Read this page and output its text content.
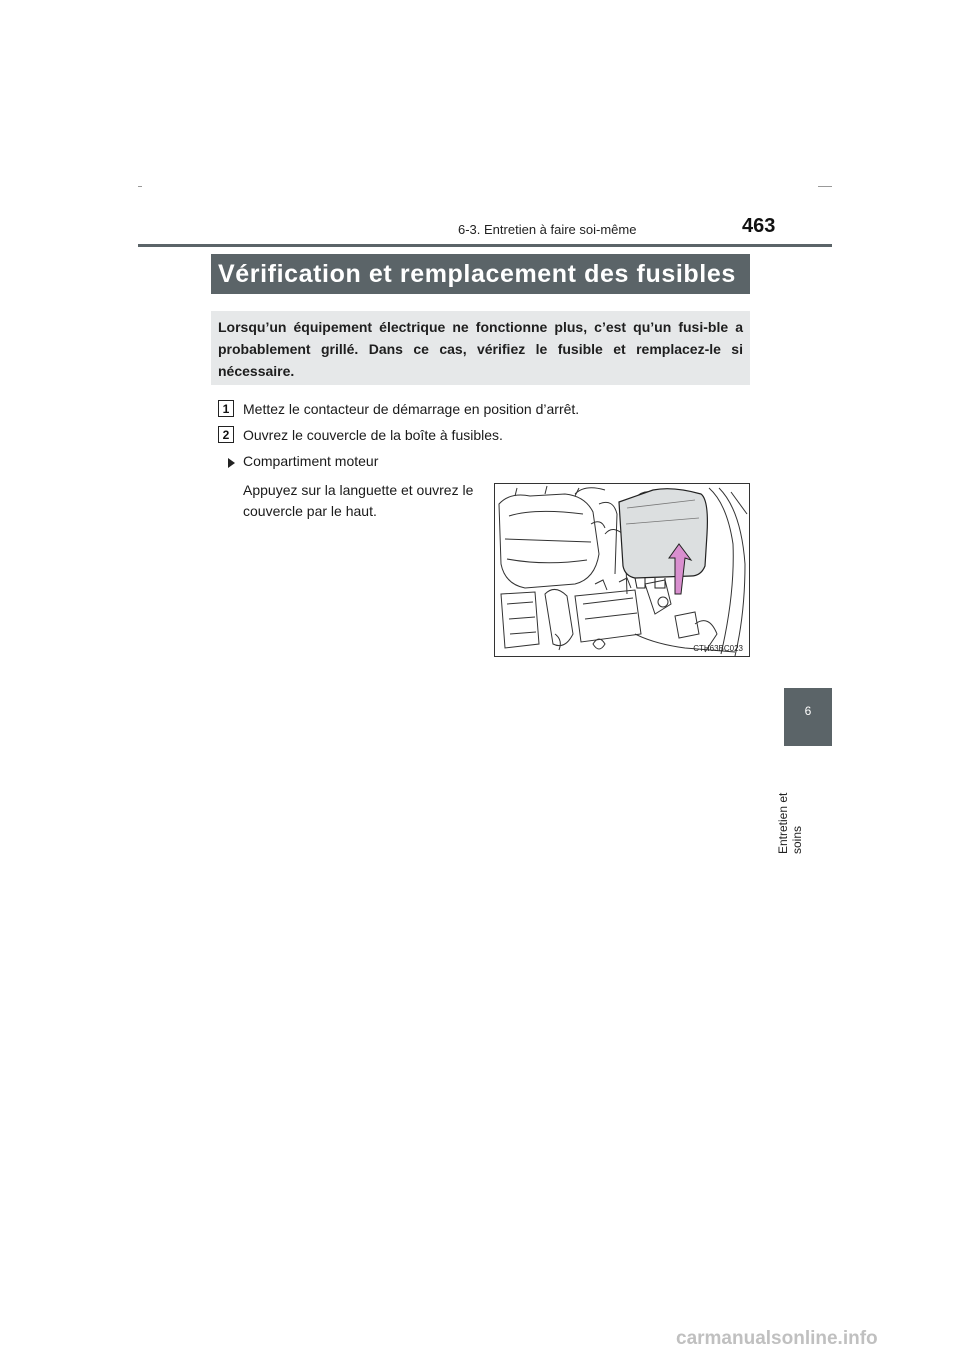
6-3. Entretien à faire soi-même	463
6
Entretien et soins
Vérification et remplacement des fusibles
Lorsqu’un équipement électrique ne fonctionne plus, c’est qu’un fusi-ble a probablement grillé. Dans ce cas, vérifiez le fusible et remplacez-le si nécessaire.
1 Mettez le contacteur de démarrage en position d’arrêt.
2 Ouvrez le couvercle de la boîte à fusibles.
Compartiment moteur
Appuyez sur la languette et ouvrez le couvercle par le haut.
CTH63BC023
carmanualsonline.info
